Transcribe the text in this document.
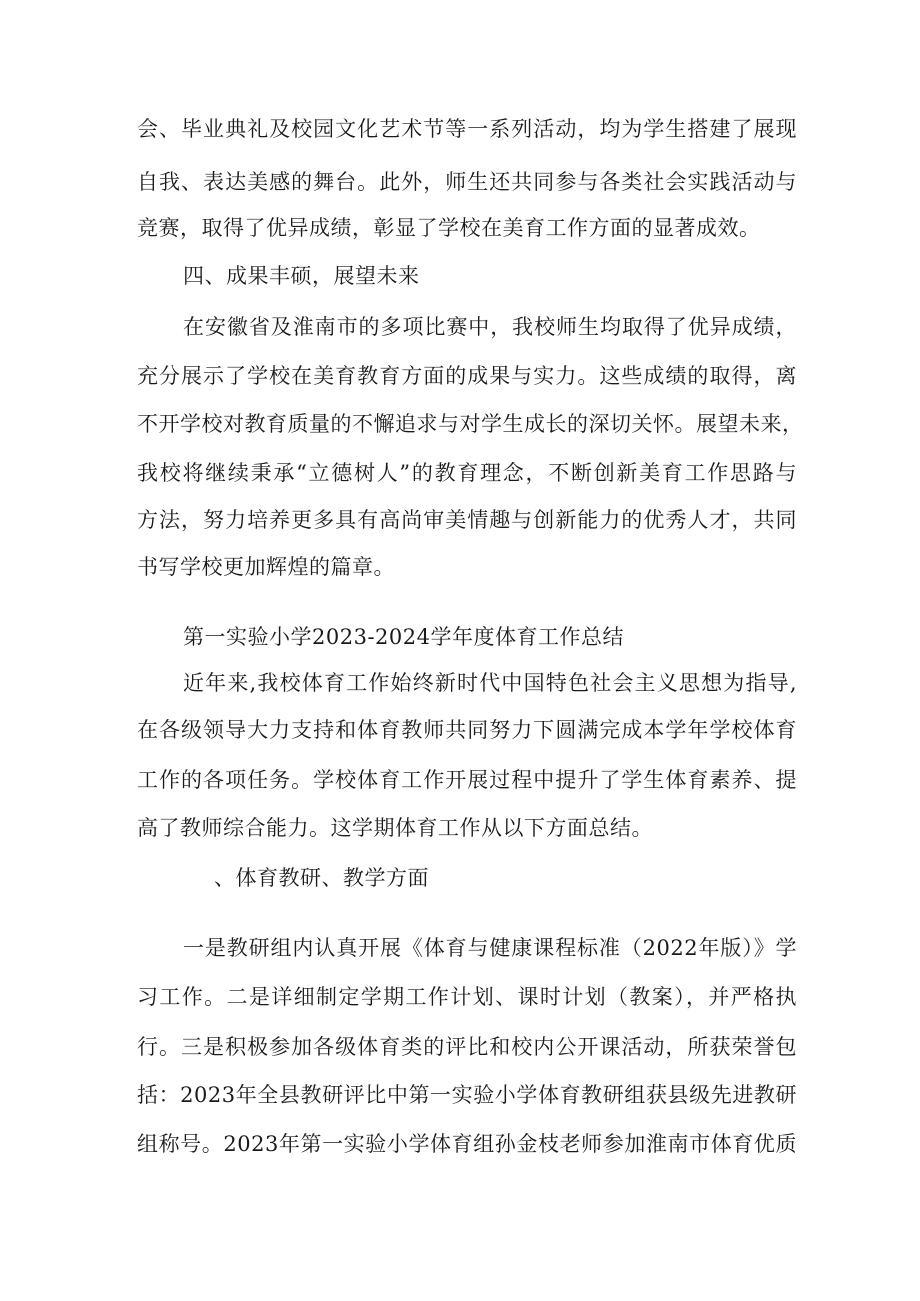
会、毕业典礼及校园文化艺术节等一系列活动，均为学生搭建了展现
自我、表达美感的舞台。此外，师生还共同参与各类社会实践活动与
竞赛，取得了优异成绩，彰显了学校在美育工作方面的显著成效。
四、成果丰硕，展望未来
在安徽省及淮南市的多项比赛中，我校师生均取得了优异成绩，
充分展示了学校在美育教育方面的成果与实力。这些成绩的取得，离
不开学校对教育质量的不懈追求与对学生成长的深切关怀。展望未来，
我校将继续秉承“立德树人”的教育理念，不断创新美育工作思路与
方法，努力培养更多具有高尚审美情趣与创新能力的优秀人才，共同
书写学校更加辉煌的篇章。
第一实验小学2023-2024学年度体育工作总结
近年来,我校体育工作始终新时代中国特色社会主义思想为指导,
在各级领导大力支持和体育教师共同努力下圆满完成本学年学校体育
工作的各项任务。学校体育工作开展过程中提升了学生体育素养、提
高了教师综合能力。这学期体育工作从以下方面总结。
、体育教研、教学方面
一是教研组内认真开展《体育与健康课程标准（2022年版）》学
习工作。二是详细制定学期工作计划、课时计划（教案），并严格执
行。三是积极参加各级体育类的评比和校内公开课活动，所获荣誉包
括：2023年全县教研评比中第一实验小学体育教研组获县级先进教研
组称号。2023年第一实验小学体育组孙金枝老师参加淮南市体育优质
